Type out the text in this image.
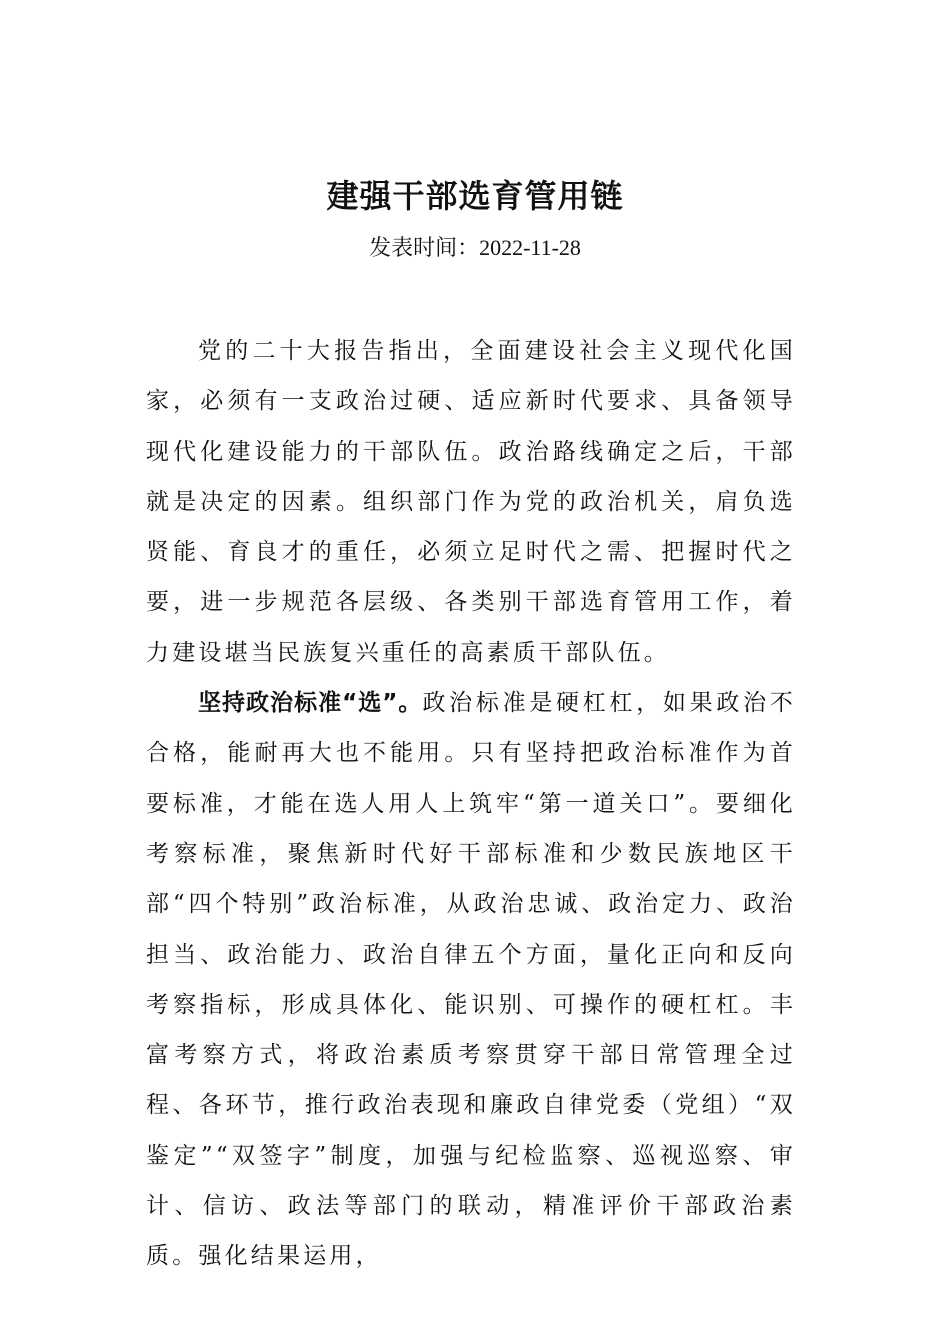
建强干部选育管用链
发表时间：2022-11-28

党的二十大报告指出，全面建设社会主义现代化国家，必须有一支政治过硬、适应新时代要求、具备领导现代化建设能力的干部队伍。政治路线确定之后，干部就是决定的因素。组织部门作为党的政治机关，肩负选贤能、育良才的重任，必须立足时代之需、把握时代之要，进一步规范各层级、各类别干部选育管用工作，着力建设堪当民族复兴重任的高素质干部队伍。

坚持政治标准“选”。政治标准是硬杠杠，如果政治不合格，能耐再大也不能用。只有坚持把政治标准作为首要标准，才能在选人用人上筑牢“第一道关口”。要细化考察标准，聚焦新时代好干部标准和少数民族地区干部“四个特别”政治标准，从政治忠诚、政治定力、政治担当、政治能力、政治自律五个方面，量化正向和反向考察指标，形成具体化、能识别、可操作的硬杠杠。丰富考察方式，将政治素质考察贯穿干部日常管理全过程、各环节，推行政治表现和廉政自律党委（党组）“双鉴定”“双签字”制度，加强与纪检监察、巡视巡察、审计、信访、政法等部门的联动，精准评价干部政治素质。强化结果运用，
